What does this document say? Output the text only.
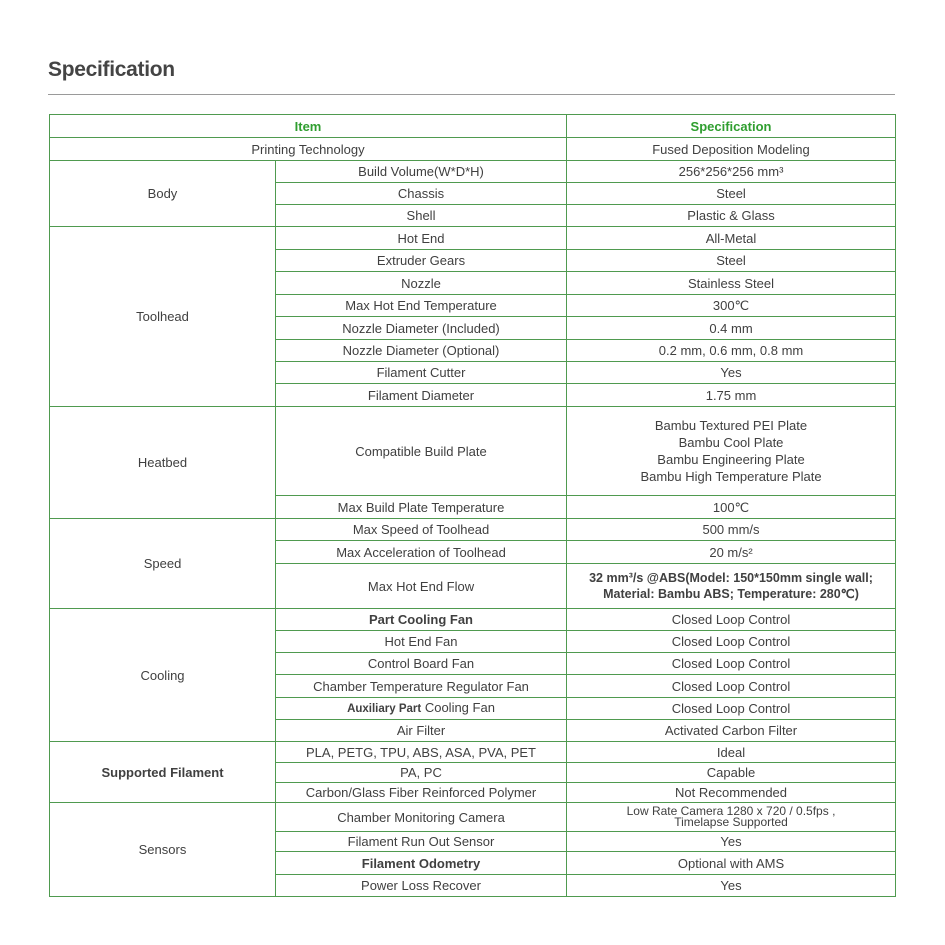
Specification
Item		Specification
Printing Technology		Fused Deposition Modeling
Body	Build Volume(W*D*H)	256*256*256 mm³
	Chassis	Steel
	Shell	Plastic & Glass
Toolhead	Hot End	All-Metal
	Extruder Gears	Steel
	Nozzle	Stainless Steel
	Max Hot End Temperature	300℃
	Nozzle Diameter (Included)	0.4 mm
	Nozzle Diameter (Optional)	0.2 mm, 0.6 mm, 0.8 mm
	Filament Cutter	Yes
	Filament Diameter	1.75 mm
Heatbed	Compatible Build Plate	Bambu Textured PEI Plate
Bambu Cool Plate
Bambu Engineering Plate
Bambu High Temperature Plate

	Max Build Plate Temperature	100℃
Speed	Max Speed of Toolhead	500 mm/s
	Max Acceleration of Toolhead	20 m/s²
	Max Hot End Flow	32 mm³/s @ABS(Model: 150*150mm single wall;
Material: Bambu ABS; Temperature: 280℃)

Cooling	Part Cooling Fan	Closed Loop Control
	Hot End Fan	Closed Loop Control
	Control Board Fan	Closed Loop Control
	Chamber Temperature Regulator Fan	Closed Loop Control
	Auxiliary Part Cooling Fan	Closed Loop Control
	Air Filter	Activated Carbon Filter
Supported Filament	PLA, PETG, TPU, ABS, ASA, PVA, PET	Ideal
	PA, PC	Capable
	Carbon/Glass Fiber Reinforced Polymer	Not Recommended
Sensors	Chamber Monitoring Camera	Low Rate Camera 1280 x 720 / 0.5fps ,
Timelapse Supported

	Filament Run Out Sensor	Yes
	Filament Odometry	Optional with AMS
	Power Loss Recover	Yes
